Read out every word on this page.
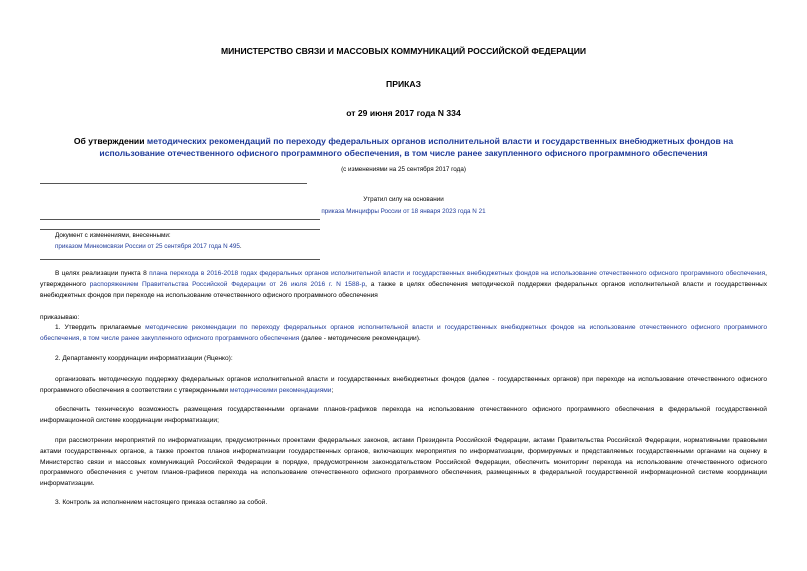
МИНИСТЕРСТВО СВЯЗИ И МАССОВЫХ КОММУНИКАЦИЙ РОССИЙСКОЙ ФЕДЕРАЦИИ
ПРИКАЗ
от 29 июня 2017 года N 334
Об утверждении методических рекомендаций по переходу федеральных органов исполнительной власти и государственных внебюджетных фондов на использование отечественного офисного программного обеспечения, в том числе ранее закупленного офисного программного обеспечения
(с изменениями на 25 сентября 2017 года)
Утратил силу на основании
приказа Минцифры России от 18 января 2023 года N 21
Документ с изменениями, внесенными:
приказом Минкомсвязи России от 25 сентября 2017 года N 495.
В целях реализации пункта 8 плана перехода в 2016-2018 годах федеральных органов исполнительной власти и государственных внебюджетных фондов на использование отечественного офисного программного обеспечения, утвержденного распоряжением Правительства Российской Федерации от 26 июля 2016 г. N 1588-р, а также в целях обеспечения методической поддержки федеральных органов исполнительной власти и государственных внебюджетных фондов при переходе на использование отечественного офисного программного обеспечения
приказываю:
1. Утвердить прилагаемые методические рекомендации по переходу федеральных органов исполнительной власти и государственных внебюджетных фондов на использование отечественного офисного программного обеспечения, в том числе ранее закупленного офисного программного обеспечения (далее - методические рекомендации).
2. Департаменту координации информатизации (Яценко):
организовать методическую поддержку федеральных органов исполнительной власти и государственных внебюджетных фондов (далее - государственных органов) при переходе на использование отечественного офисного программного обеспечения в соответствии с утвержденными методическими рекомендациями;
обеспечить техническую возможность размещения государственными органами планов-графиков перехода на использование отечественного офисного программного обеспечения в федеральной государственной информационной системе координации информатизации;
при рассмотрении мероприятий по информатизации, предусмотренных проектами федеральных законов, актами Президента Российской Федерации, актами Правительства Российской Федерации, нормативными правовыми актами государственных органов, а также проектов планов информатизации государственных органов, включающих мероприятия по информатизации, формируемых и представляемых государственными органами на оценку в Министерство связи и массовых коммуникаций Российской Федерации в порядке, предусмотренном законодательством Российской Федерации, обеспечить мониторинг перехода на использование отечественного офисного программного обеспечения с учетом планов-графиков перехода на использование отечественного офисного программного обеспечения, размещенных в федеральной государственной информационной системе координации информатизации.
3. Контроль за исполнением настоящего приказа оставляю за собой.
